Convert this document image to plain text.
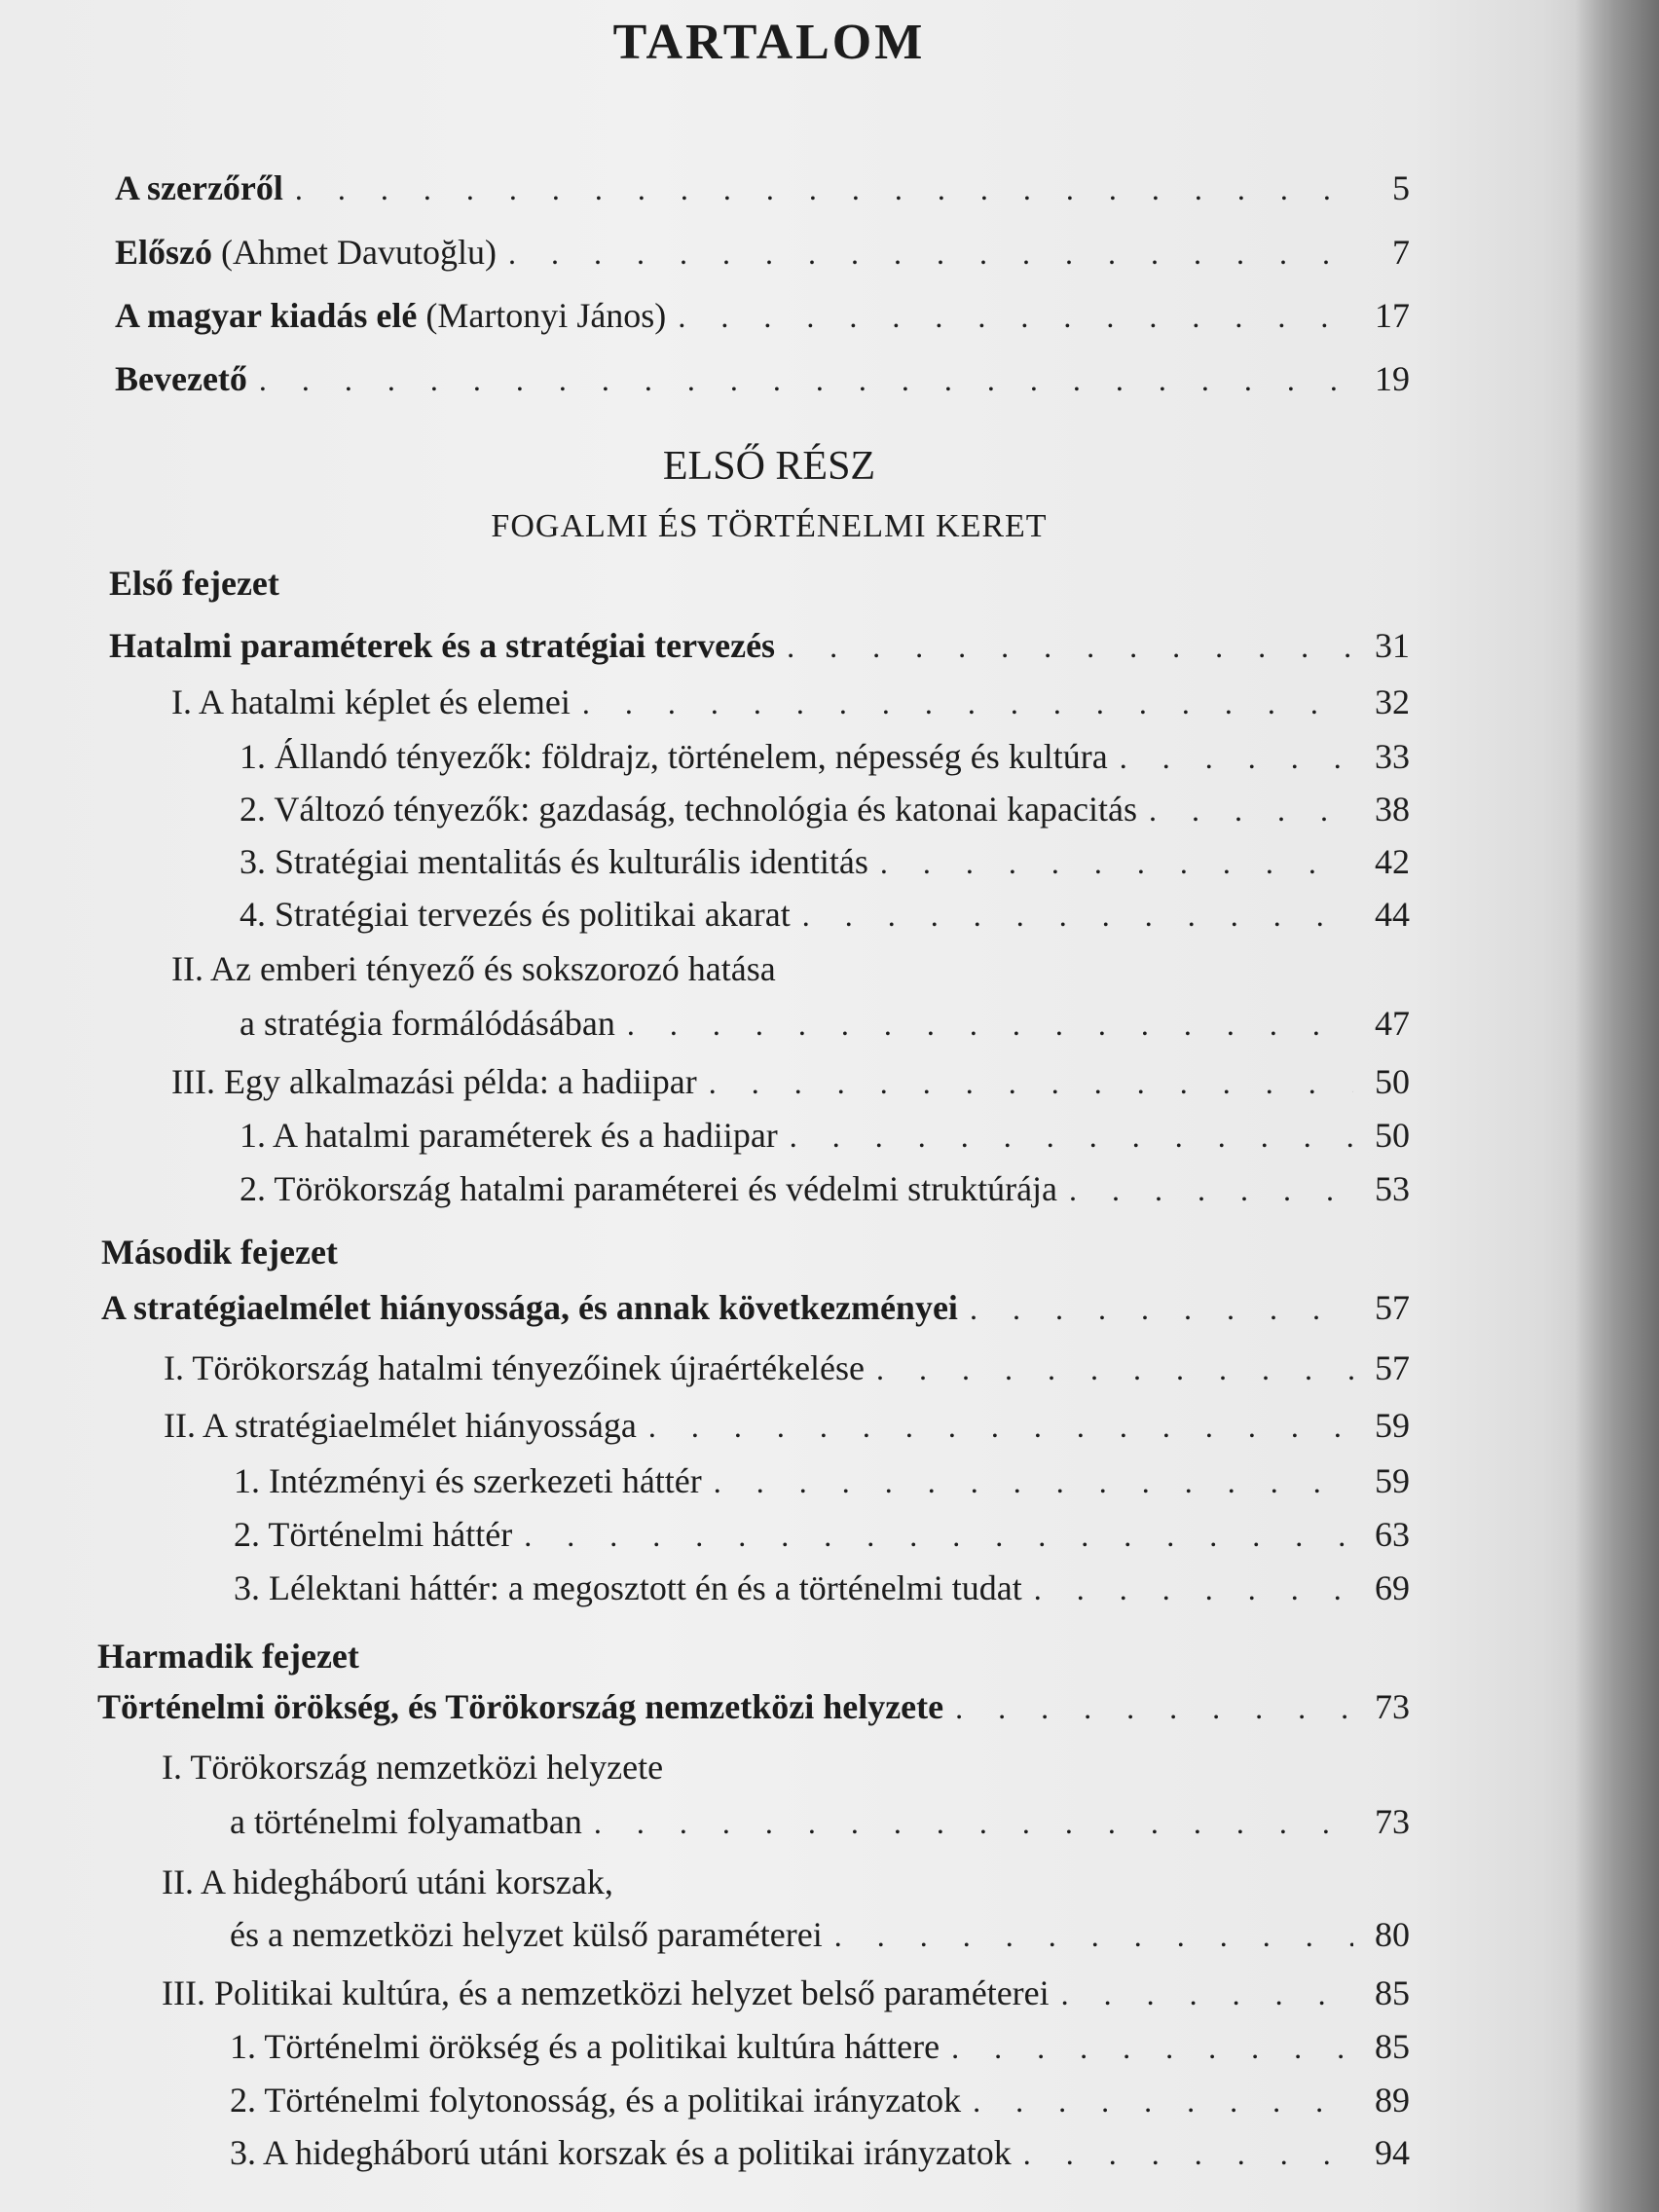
TARTALOM
A szerzőről . . .	5
Előszó (Ahmet Davutoğlu) . . .	7
A magyar kiadás elé (Martonyi János) . . .	17
Bevezető . . .	19
ELSŐ RÉSZ
FOGALMI ÉS TÖRTÉNELMI KERET
Első fejezet
Hatalmi paraméterek és a stratégiai tervezés . . .	31
I. A hatalmi képlet és elemei . . .	32
1. Állandó tényezők: földrajz, történelem, népesség és kultúra . . .	33
2. Változó tényezők: gazdaság, technológia és katonai kapacitás . . .	38
3. Stratégiai mentalitás és kulturális identitás . . .	42
4. Stratégiai tervezés és politikai akarat . . .	44
II. Az emberi tényező és sokszorozó hatása
a stratégia formálódásában . . .	47
III. Egy alkalmazási példa: a hadiipar . . .	50
1. A hatalmi paraméterek és a hadiipar . . .	50
2. Törökország hatalmi paraméterei és védelmi struktúrája . . .	53
Második fejezet
A stratégiaelmélet hiányossága, és annak következményei . . .	57
I. Törökország hatalmi tényezőinek újraértékelése . . .	57
II. A stratégiaelmélet hiányossága . . .	59
1. Intézményi és szerkezeti háttér . . .	59
2. Történelmi háttér . . .	63
3. Lélektani háttér: a megosztott én és a történelmi tudat . . .	69
Harmadik fejezet
Történelmi örökség, és Törökország nemzetközi helyzete . . .	73
I. Törökország nemzetközi helyzete
a történelmi folyamatban . . .	73
II. A hidegháború utáni korszak,
és a nemzetközi helyzet külső paraméterei . . .	80
III. Politikai kultúra, és a nemzetközi helyzet belső paraméterei . . .	85
1. Történelmi örökség és a politikai kultúra háttere . . .	85
2. Történelmi folytonosság, és a politikai irányzatok . . .	89
3. A hidegháború utáni korszak és a politikai irányzatok . . .	94
